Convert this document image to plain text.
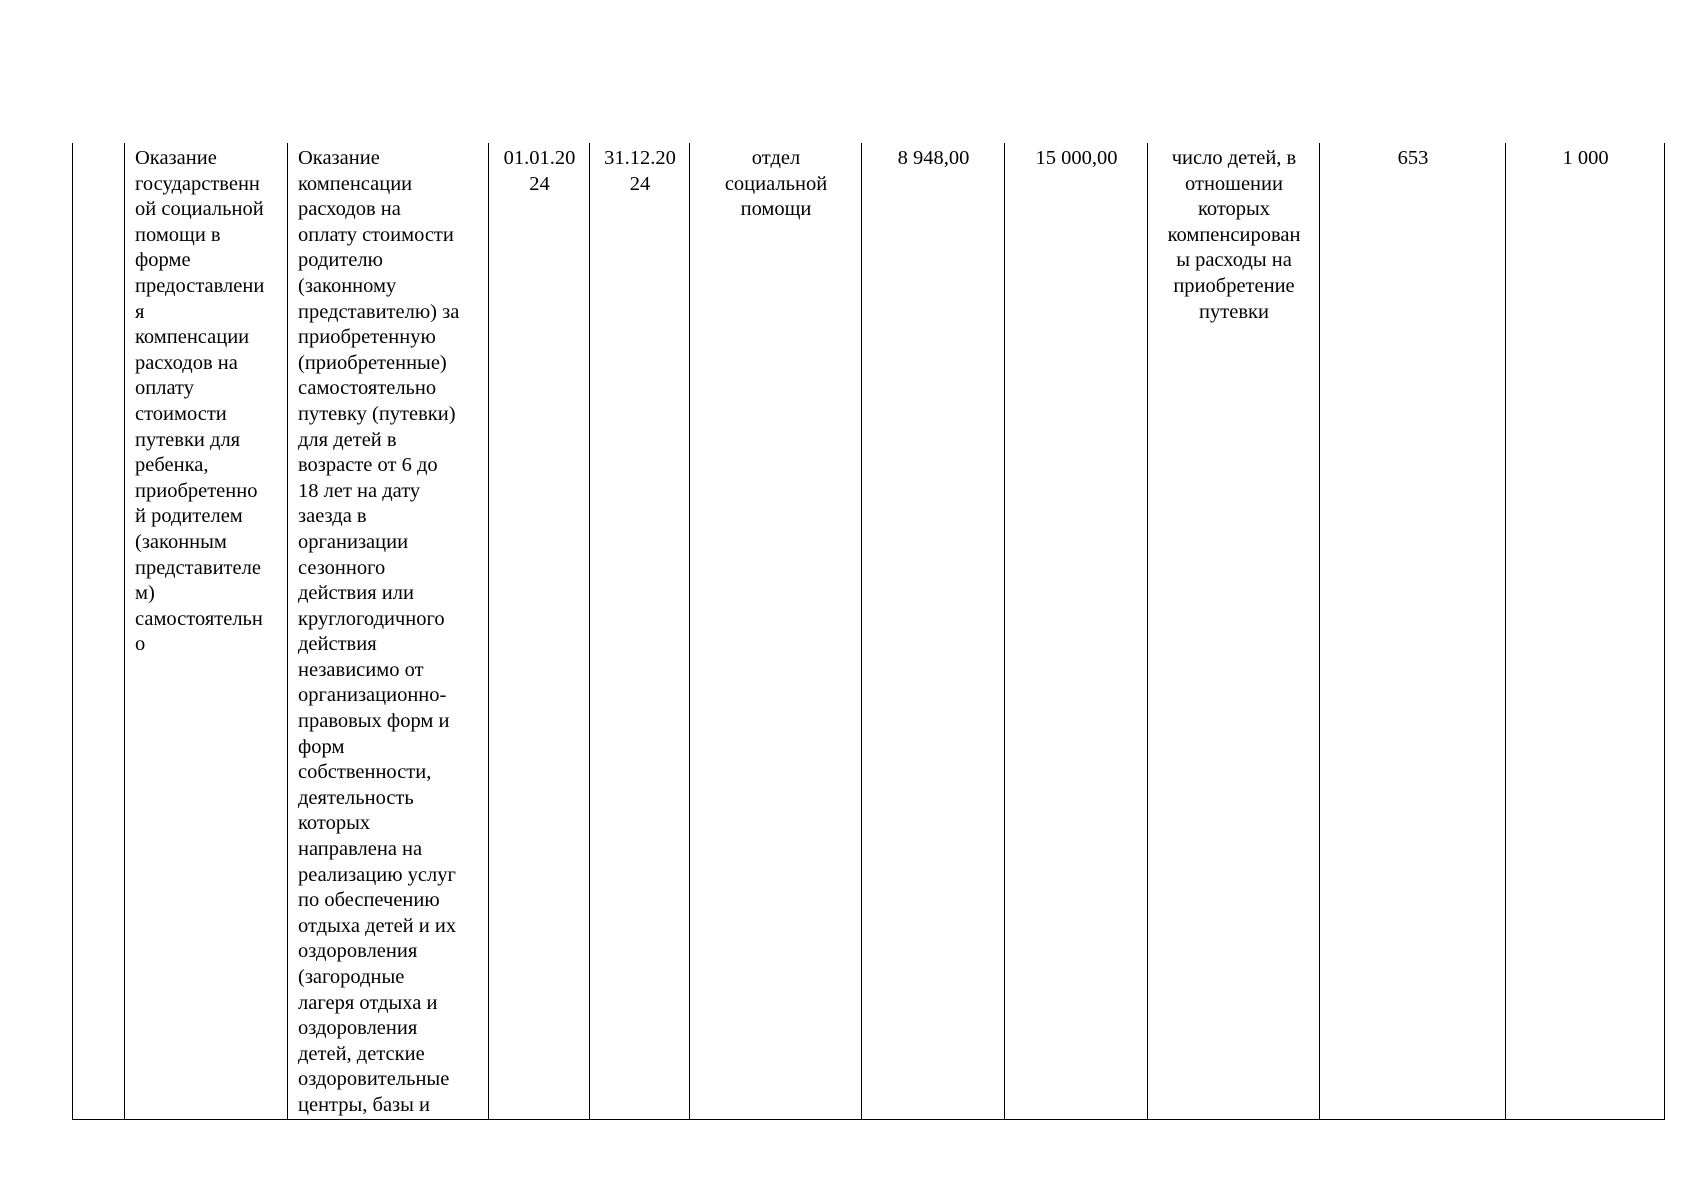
	Оказание
государственн
ой социальной
помощи в
форме
предоставлени
я
компенсации
расходов на
оплату
стоимости
путевки для
ребенка,
приобретенно
й родителем
(законным
представителе
м)
самостоятельн
о	Оказание
компенсации
расходов на
оплату стоимости
родителю
(законному
представителю) за
приобретенную
(приобретенные)
самостоятельно
путевку (путевки)
для детей в
возрасте от 6 до
18 лет на дату
заезда в
организации
сезонного
действия или
круглогодичного
действия
независимо от
организационно-
правовых форм и
форм
собственности,
деятельность
которых
направлена на
реализацию услуг
по обеспечению
отдыха детей и их
оздоровления
(загородные
лагеря отдыха и
оздоровления
детей, детские
оздоровительные
центры, базы и	01.01.20
24	31.12.20
24	отдел
социальной
помощи	8 948,00	15 000,00	число детей, в
отношении
которых
компенсирован
ы расходы на
приобретение
путевки	653	1 000
